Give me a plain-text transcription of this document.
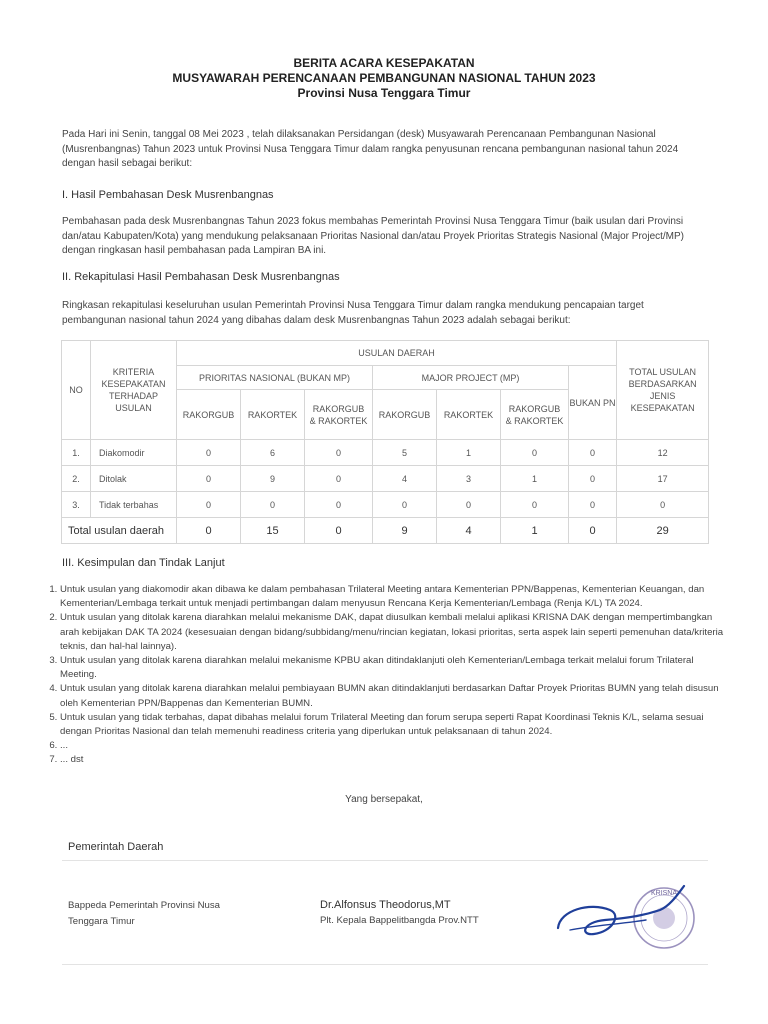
BERITA ACARA KESEPAKATAN
MUSYAWARAH PERENCANAAN PEMBANGUNAN NASIONAL TAHUN 2023
Provinsi Nusa Tenggara Timur
Pada Hari ini Senin, tanggal 08 Mei 2023 , telah dilaksanakan Persidangan (desk) Musyawarah Perencanaan Pembangunan Nasional
(Musrenbangnas) Tahun 2023 untuk Provinsi Nusa Tenggara Timur dalam rangka penyusunan rencana pembangunan nasional tahun 2024
dengan hasil sebagai berikut:
I. Hasil Pembahasan Desk Musrenbangnas
Pembahasan pada desk Musrenbangnas Tahun 2023 fokus membahas Pemerintah Provinsi Nusa Tenggara Timur (baik usulan dari Provinsi
dan/atau Kabupaten/Kota) yang mendukung pelaksanaan Prioritas Nasional dan/atau Proyek Prioritas Strategis Nasional (Major Project/MP)
dengan ringkasan hasil pembahasan pada Lampiran BA ini.
II. Rekapitulasi Hasil Pembahasan Desk Musrenbangnas
Ringkasan rekapitulasi keseluruhan usulan Pemerintah Provinsi Nusa Tenggara Timur dalam rangka mendukung pencapaian target
pembangunan nasional tahun 2024 yang dibahas dalam desk Musrenbangnas Tahun 2023 adalah sebagai berikut:
NO	KRITERIA KESEPAKATAN TERHADAP USULAN	USULAN DAERAH							TOTAL USULAN BERDASARKAN JENIS KESEPAKATAN
		PRIORITAS NASIONAL (BUKAN MP)			MAJOR PROJECT (MP)			BUKAN PN	
		RAKORGUB	RAKORTEK	RAKORGUB & RAKORTEK	RAKORGUB	RAKORTEK	RAKORGUB & RAKORTEK		
1.	Diakomodir	0	6	0	5	1	0	0	12
2.	Ditolak	0	9	0	4	3	1	0	17
3.	Tidak terbahas	0	0	0	0	0	0	0	0
Total usulan daerah		0	15	0	9	4	1	0	29
III. Kesimpulan dan Tindak Lanjut
1. Untuk usulan yang diakomodir akan dibawa ke dalam pembahasan Trilateral Meeting antara Kementerian PPN/Bappenas, Kementerian Keuangan, dan Kementerian/Lembaga terkait untuk menjadi pertimbangan dalam menyusun Rencana Kerja Kementerian/Lembaga (Renja K/L) TA 2024.
2. Untuk usulan yang ditolak karena diarahkan melalui mekanisme DAK, dapat diusulkan kembali melalui aplikasi KRISNA DAK dengan mempertimbangkan arah kebijakan DAK TA 2024 (kesesuaian dengan bidang/subbidang/menu/rincian kegiatan, lokasi prioritas, serta aspek lain seperti pemenuhan data/kriteria teknis, dan hal-hal lainnya).
3. Untuk usulan yang ditolak karena diarahkan melalui mekanisme KPBU akan ditindaklanjuti oleh Kementerian/Lembaga terkait melalui forum Trilateral Meeting.
4. Untuk usulan yang ditolak karena diarahkan melalui pembiayaan BUMN akan ditindaklanjuti berdasarkan Daftar Proyek Prioritas BUMN yang telah disusun oleh Kementerian PPN/Bappenas dan Kementerian BUMN.
5. Untuk usulan yang tidak terbahas, dapat dibahas melalui forum Trilateral Meeting dan forum serupa seperti Rapat Koordinasi Teknis K/L, selama sesuai dengan Prioritas Nasional dan telah memenuhi readiness criteria yang diperlukan untuk pelaksanaan di tahun 2024.
6. ...
7. ... dst
Yang bersepakat,
Pemerintah Daerah
Bappeda Pemerintah Provinsi Nusa
Tenggara Timur
Dr.Alfonsus Theodorus,MT
Plt. Kepala Bappelitbangda Prov.NTT
KRISNA
